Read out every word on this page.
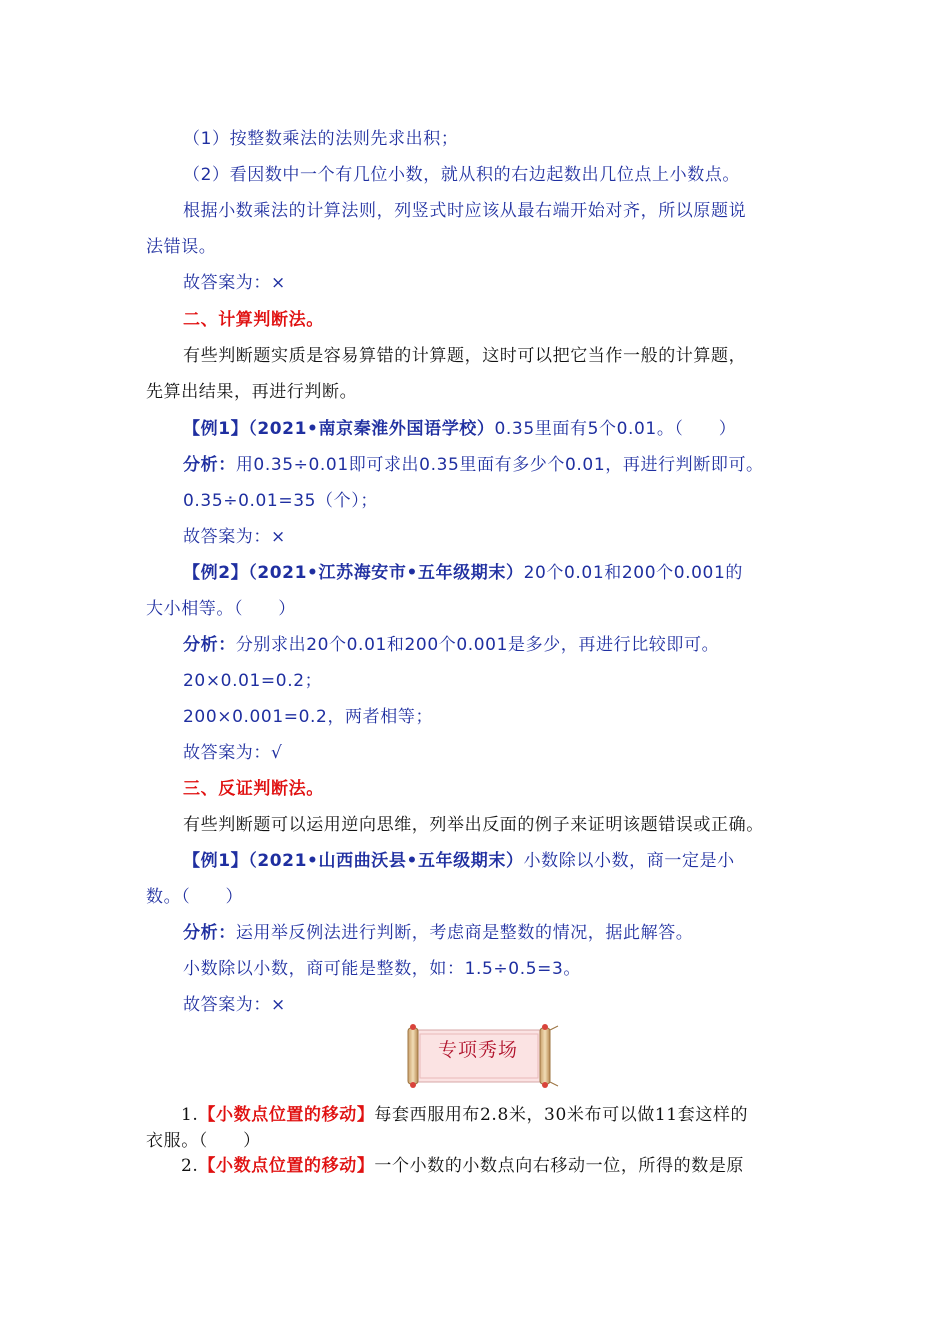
（1）按整数乘法的法则先求出积；
（2）看因数中一个有几位小数，就从积的右边起数出几位点上小数点。
根据小数乘法的计算法则，列竖式时应该从最右端开始对齐，所以原题说
法错误。
故答案为：×
二、计算判断法。
有些判断题实质是容易算错的计算题，这时可以把它当作一般的计算题，
先算出结果，再进行判断。
【例1】（2021•南京秦淮外国语学校）0.35里面有5个0.01。（　　）
分析：用0.35÷0.01即可求出0.35里面有多少个0.01，再进行判断即可。
0.35÷0.01=35（个）；
故答案为：×
【例2】（2021•江苏海安市•五年级期末）20个0.01和200个0.001的
大小相等。（　　）
分析：分别求出20个0.01和200个0.001是多少，再进行比较即可。
20×0.01=0.2；
200×0.001=0.2，两者相等；
故答案为：√
三、反证判断法。
有些判断题可以运用逆向思维，列举出反面的例子来证明该题错误或正确。
【例1】（2021•山西曲沃县•五年级期末）小数除以小数，商一定是小
数。（　　）
分析：运用举反例法进行判断，考虑商是整数的情况，据此解答。
小数除以小数，商可能是整数，如：1.5÷0.5=3。
故答案为：×
专项秀场
1.【小数点位置的移动】每套西服用布2.8米，30米布可以做11套这样的
衣服。（　　）
2.【小数点位置的移动】一个小数的小数点向右移动一位，所得的数是原
